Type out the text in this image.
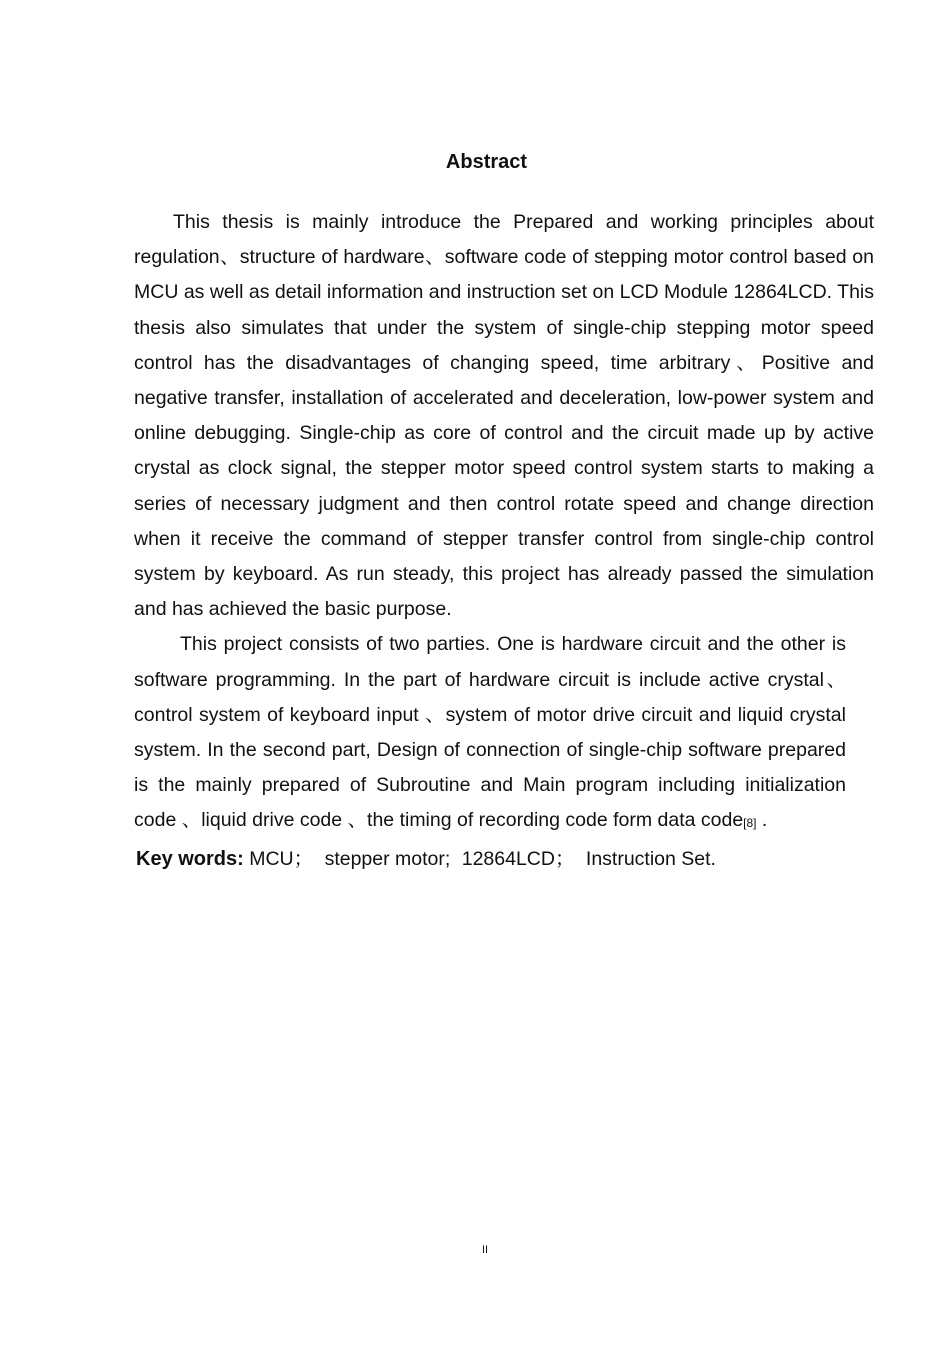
Abstract

This thesis is mainly introduce the Prepared and working principles about regulation、structure of hardware、software code of stepping motor control based on MCU as well as detail information and instruction set on LCD Module 12864LCD. This thesis also simulates that under the system of single-chip stepping motor speed control has the disadvantages of changing speed, time arbitrary、Positive and negative transfer, installation of accelerated and deceleration, low-power system and online debugging. Single-chip as core of control and the circuit made up by active crystal as clock signal, the stepper motor speed control system starts to making a series of necessary judgment and then control rotate speed and change direction when it receive the command of stepper transfer control from single-chip control system by keyboard. As run steady, this project has already passed the simulation and has achieved the basic purpose.

This project consists of two parties. One is hardware circuit and the other is software programming. In the part of hardware circuit is include active crystal、control system of keyboard input 、system of motor drive circuit and liquid crystal system. In the second part, Design of connection of single-chip software prepared is the mainly prepared of Subroutine and Main program including initialization code 、liquid drive code 、the timing of recording code form data code[8] .

Key words: MCU； stepper motor; 12864LCD； Instruction Set.

II
